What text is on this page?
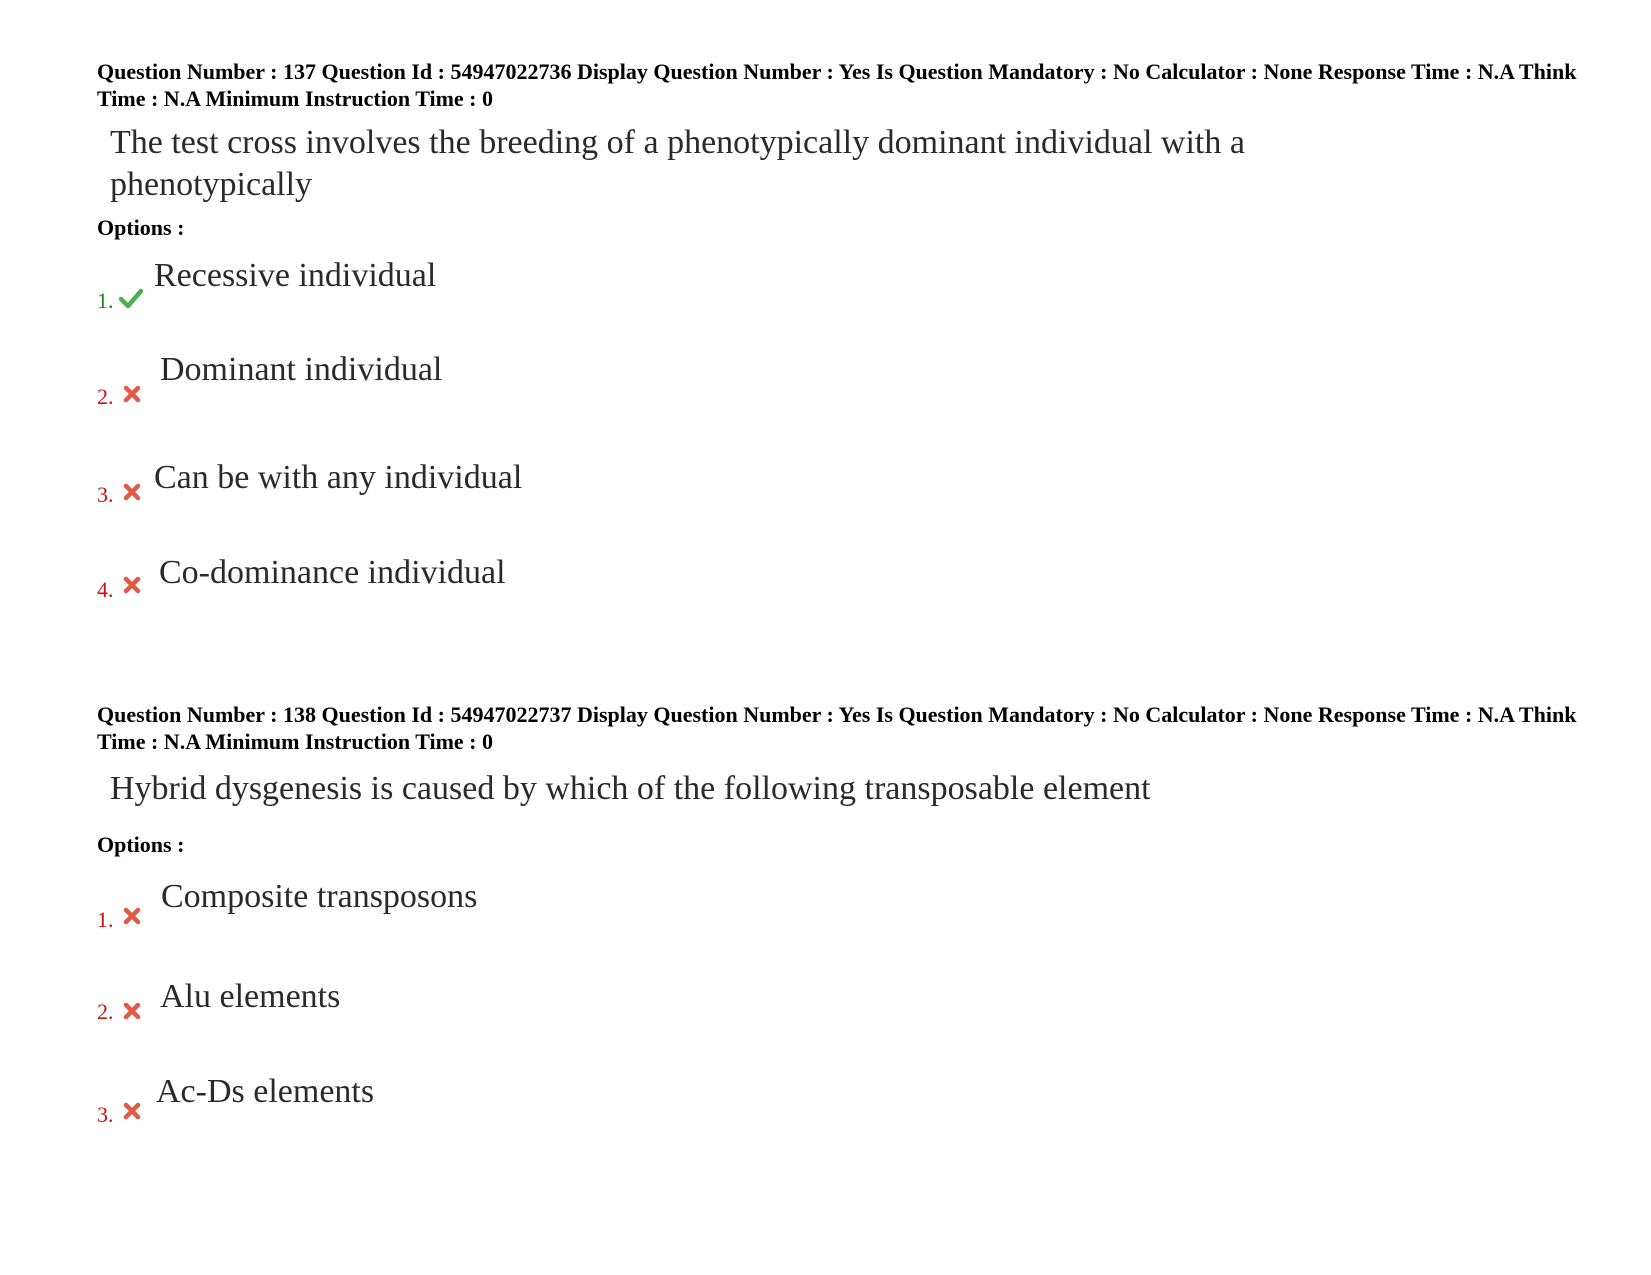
Question Number : 137 Question Id : 54947022736 Display Question Number : Yes Is Question Mandatory : No Calculator : None Response Time : N.A Think Time : N.A Minimum Instruction Time : 0
The test cross involves the breeding of a phenotypically dominant individual with a phenotypically
Options :
1.
Recessive individual
2.
Dominant individual
3. Can be with any individual
4. Co-dominance individual
Question Number : 138 Question Id : 54947022737 Display Question Number : Yes Is Question Mandatory : No Calculator : None Response Time : N.A Think Time : N.A Minimum Instruction Time : 0
Hybrid dysgenesis is caused by which of the following transposable element
Options :
1.
Composite transposons
2. Alu elements
3.
Ac-Ds elements
